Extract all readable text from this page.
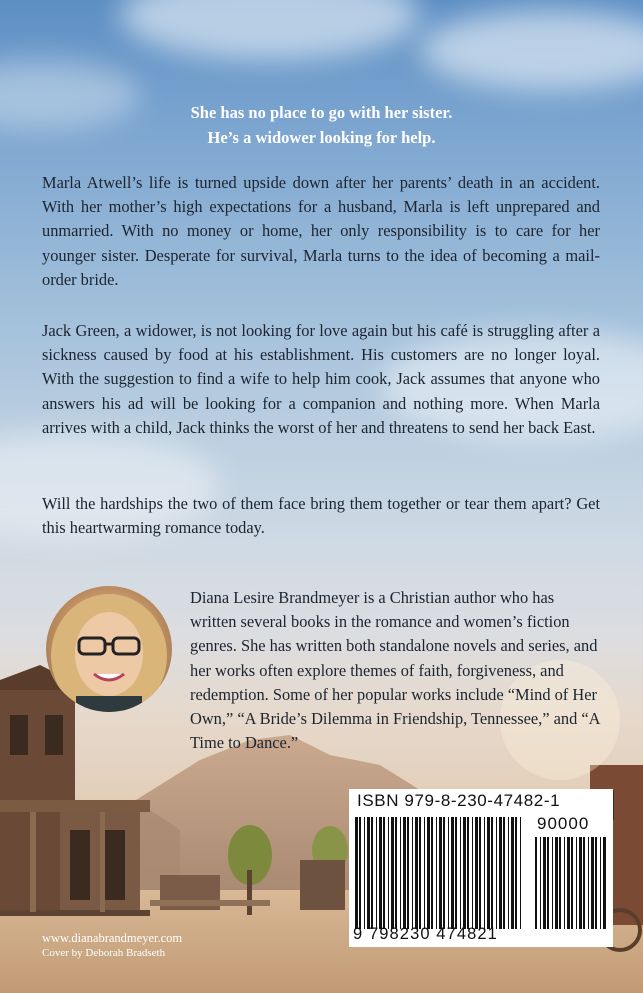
She has no place to go with her sister.
He’s a widower looking for help.

Marla Atwell’s life is turned upside down after her parents’ death in an accident. With her mother’s high expectations for a husband, Marla is left unprepared and unmarried. With no money or home, her only responsibility is to care for her younger sister. Desperate for survival, Marla turns to the idea of becoming a mail-order bride.

Jack Green, a widower, is not looking for love again but his café is struggling after a sickness caused by food at his establishment. His customers are no longer loyal. With the suggestion to find a wife to help him cook, Jack assumes that anyone who answers his ad will be looking for a companion and nothing more. When Marla arrives with a child, Jack thinks the worst of her and threatens to send her back East.

Will the hardships the two of them face bring them together or tear them apart? Get this heartwarming romance today.

Diana Lesire Brandmeyer is a Christian author who has written several books in the romance and women’s fiction genres. She has written both standalone novels and series, and her works often explore themes of faith, forgiveness, and redemption. Some of her popular works include “Mind of Her Own,” “A Bride’s Dilemma in Friendship, Tennessee,” and “A Time to Dance.”

www.dianabrandmeyer.com
Cover by Deborah Bradseth
ISBN 979-8-230-47482-1
90000
9 798230 474821
